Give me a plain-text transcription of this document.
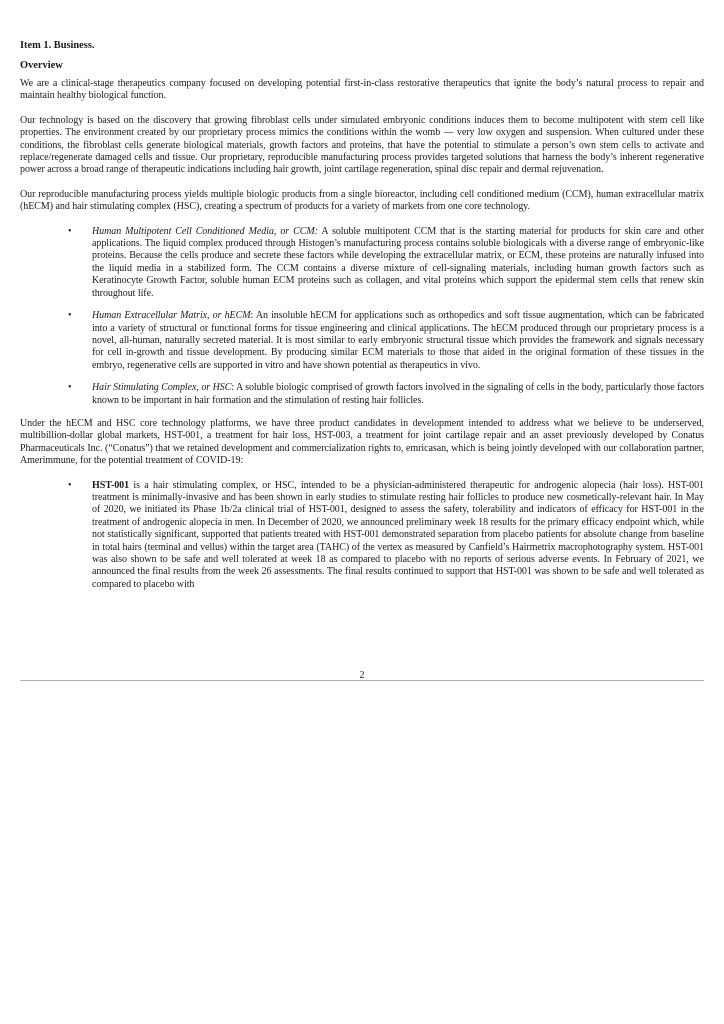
Item 1. Business.
Overview

We are a clinical-stage therapeutics company focused on developing potential first-in-class restorative therapeutics that ignite the body’s natural process to repair and maintain healthy biological function.

Our technology is based on the discovery that growing fibroblast cells under simulated embryonic conditions induces them to become multipotent with stem cell like properties. The environment created by our proprietary process mimics the conditions within the womb — very low oxygen and suspension. When cultured under these conditions, the fibroblast cells generate biological materials, growth factors and proteins, that have the potential to stimulate a person’s own stem cells to activate and replace/regenerate damaged cells and tissue. Our proprietary, reproducible manufacturing process provides targeted solutions that harness the body’s inherent regenerative power across a broad range of therapeutic indications including hair growth, joint cartilage regeneration, spinal disc repair and dermal rejuvenation.

Our reproducible manufacturing process yields multiple biologic products from a single bioreactor, including cell conditioned medium (CCM), human extracellular matrix (hECM) and hair stimulating complex (HSC), creating a spectrum of products for a variety of markets from one core technology.

• Human Multipotent Cell Conditioned Media, or CCM: A soluble multipotent CCM that is the starting material for products for skin care and other applications. The liquid complex produced through Histogen’s manufacturing process contains soluble biologicals with a diverse range of embryonic-like proteins. Because the cells produce and secrete these factors while developing the extracellular matrix, or ECM, these proteins are naturally infused into the liquid media in a stabilized form. The CCM contains a diverse mixture of cell-signaling materials, including human growth factors such as Keratinocyte Growth Factor, soluble human ECM proteins such as collagen, and vital proteins which support the epidermal stem cells that renew skin throughout life.

• Human Extracellular Matrix, or hECM: An insoluble hECM for applications such as orthopedics and soft tissue augmentation, which can be fabricated into a variety of structural or functional forms for tissue engineering and clinical applications. The hECM produced through our proprietary process is a novel, all-human, naturally secreted material. It is most similar to early embryonic structural tissue which provides the framework and signals necessary for cell in-growth and tissue development. By producing similar ECM materials to those that aided in the original formation of these tissues in the embryo, regenerative cells are supported in vitro and have shown potential as therapeutics in vivo.

• Hair Stimulating Complex, or HSC: A soluble biologic comprised of growth factors involved in the signaling of cells in the body, particularly those factors known to be important in hair formation and the stimulation of resting hair follicles.

Under the hECM and HSC core technology platforms, we have three product candidates in development intended to address what we believe to be underserved, multibillion-dollar global markets, HST-001, a treatment for hair loss, HST-003, a treatment for joint cartilage repair and an asset previously developed by Conatus Pharmaceuticals Inc. (“Conatus”) that we retained development and commercialization rights to, emricasan, which is being jointly developed with our collaboration partner, Amerimmune, for the potential treatment of COVID-19:

• HST-001 is a hair stimulating complex, or HSC, intended to be a physician-administered therapeutic for androgenic alopecia (hair loss). HST-001 treatment is minimally-invasive and has been shown in early studies to stimulate resting hair follicles to produce new cosmetically-relevant hair. In May of 2020, we initiated its Phase 1b/2a clinical trial of HST-001, designed to assess the safety, tolerability and indicators of efficacy for HST-001 in the treatment of androgenic alopecia in men. In December of 2020, we announced preliminary week 18 results for the primary efficacy endpoint which, while not statistically significant, supported that patients treated with HST-001 demonstrated separation from placebo patients for absolute change from baseline in total hairs (terminal and vellus) within the target area (TAHC) of the vertex as measured by Canfield’s Hairmetrix macrophotography system. HST-001 was also shown to be safe and well tolerated at week 18 as compared to placebo with no reports of serious adverse events. In February of 2021, we announced the final results from the week 26 assessments. The final results continued to support that HST-001 was shown to be safe and well tolerated as compared to placebo with

2
